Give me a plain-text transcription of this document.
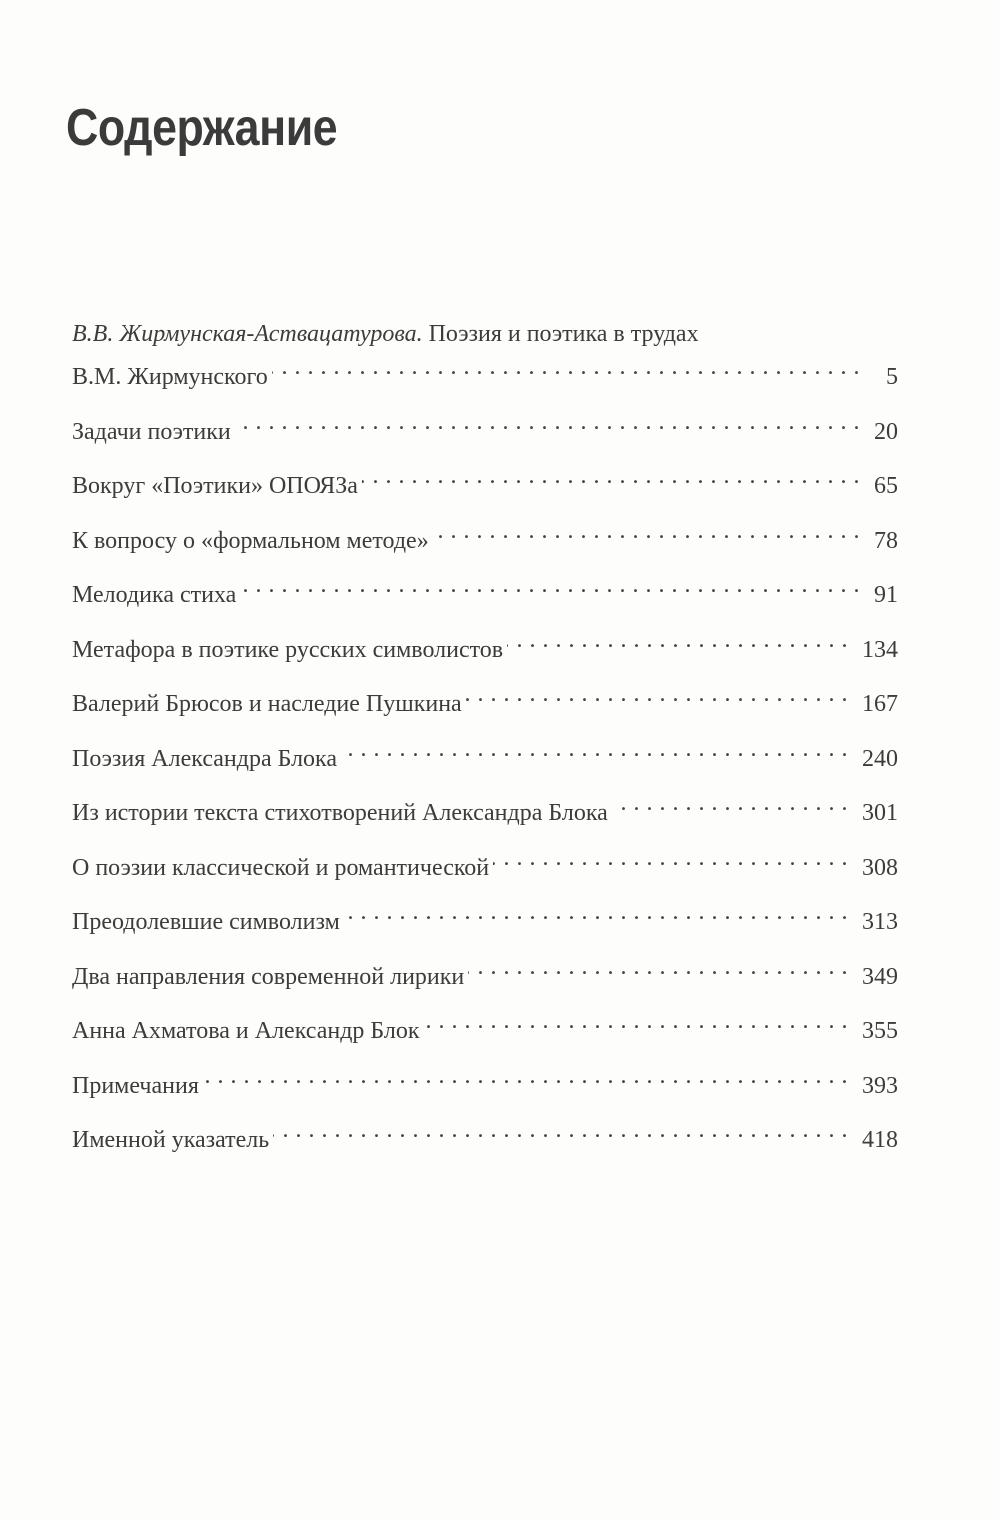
Содержание
В.В. Жирмунская-Аствацатурова. Поэзия и поэтика в трудах
В.М. Жирмунского . . .	5
Задачи поэтики . . .	20
Вокруг «Поэтики» ОПОЯЗа . . .	65
К вопросу о «формальном методе» . . .	78
Мелодика стиха . . .	91
Метафора в поэтике русских символистов . . .	134
Валерий Брюсов и наследие Пушкина . . .	167
Поэзия Александра Блока . . .	240
Из истории текста стихотворений Александра Блока . . .	301
О поэзии классической и романтической . . .	308
Преодолевшие символизм . . .	313
Два направления современной лирики . . .	349
Анна Ахматова и Александр Блок . . .	355
Примечания . . .	393
Именной указатель . . .	418
